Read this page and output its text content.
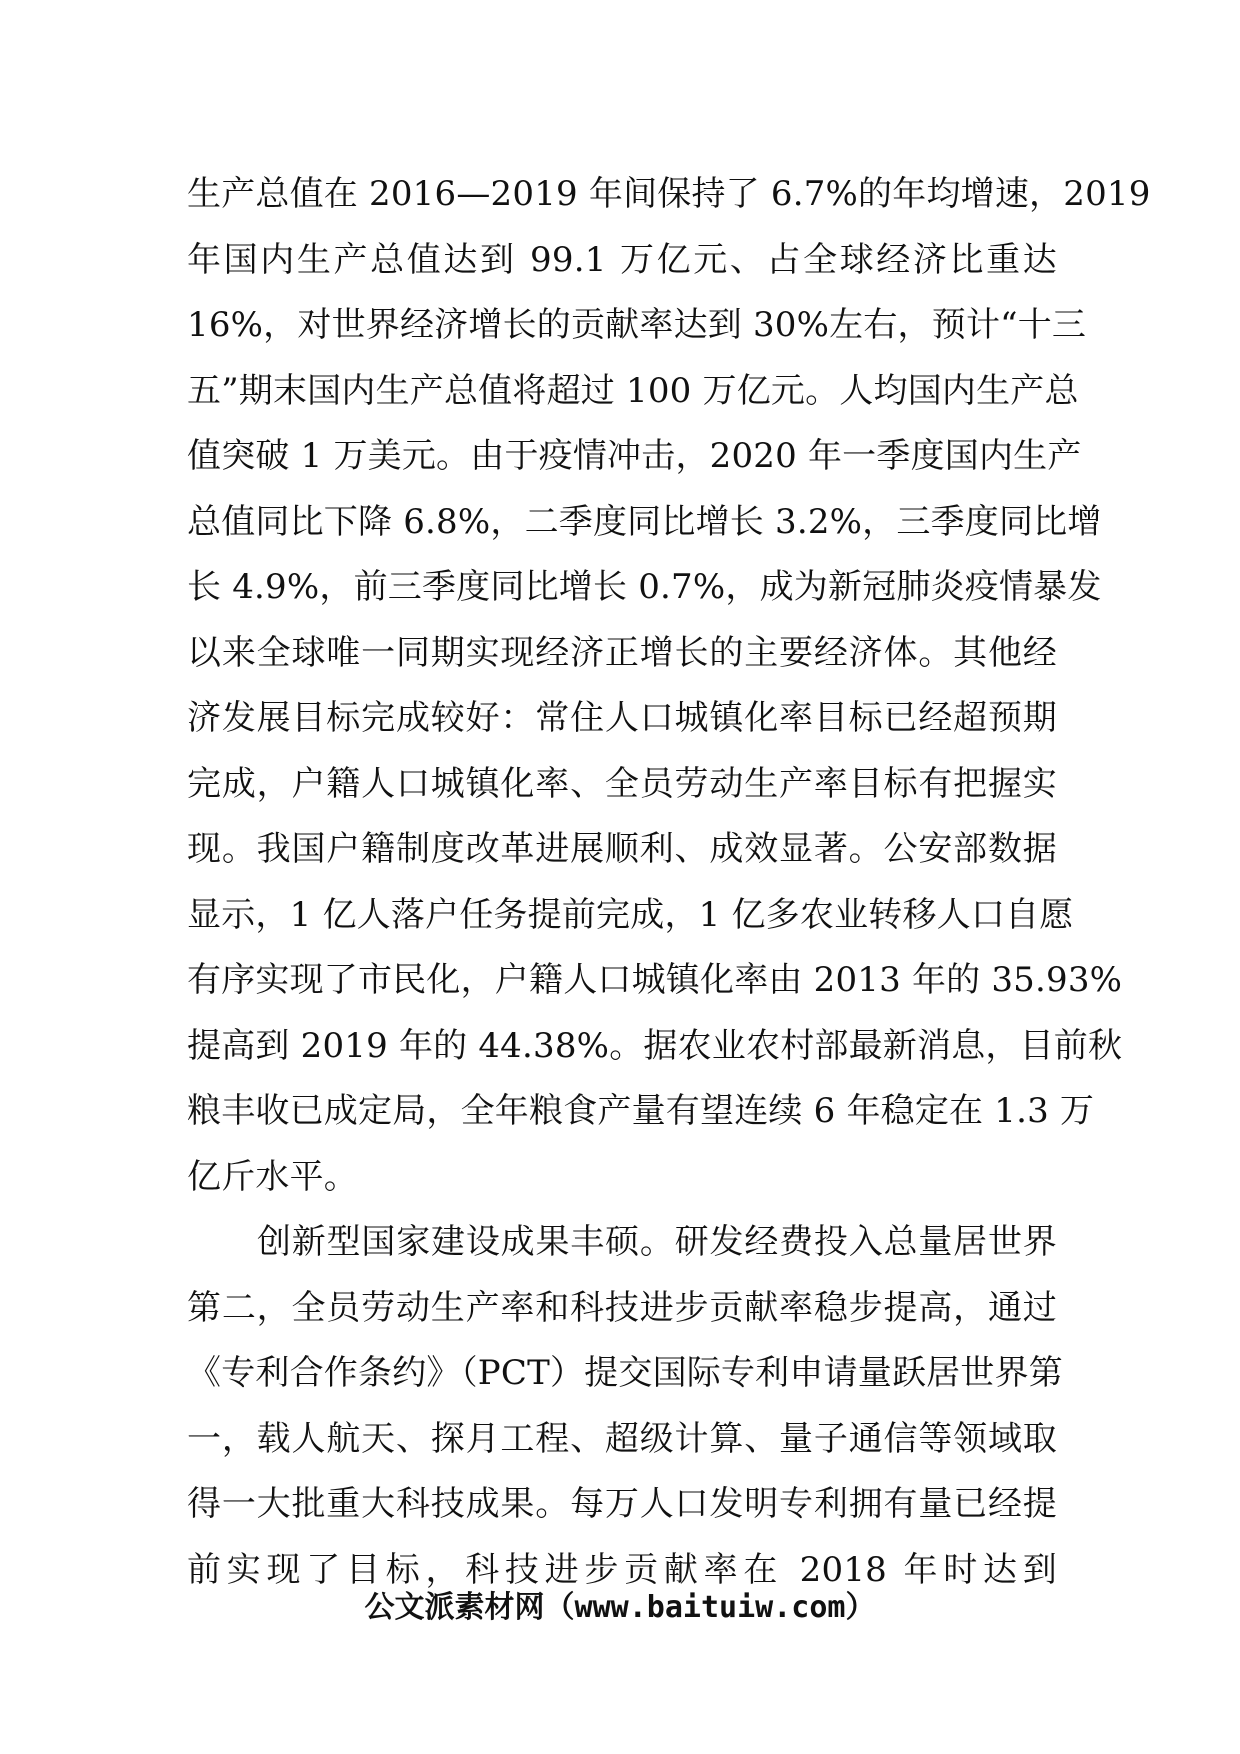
生产总值在 2016—2019 年间保持了 6.7%的年均增速，2019
年国内生产总值达到 99.1 万亿元、占全球经济比重达
16%，对世界经济增长的贡献率达到 30%左右，预计“十三
五”期末国内生产总值将超过 100 万亿元。人均国内生产总
值突破 1 万美元。由于疫情冲击，2020 年一季度国内生产
总值同比下降 6.8%，二季度同比增长 3.2%，三季度同比增
长 4.9%，前三季度同比增长 0.7%，成为新冠肺炎疫情暴发
以来全球唯一同期实现经济正增长的主要经济体。其他经
济发展目标完成较好：常住人口城镇化率目标已经超预期
完成，户籍人口城镇化率、全员劳动生产率目标有把握实
现。我国户籍制度改革进展顺利、成效显著。公安部数据
显示，1 亿人落户任务提前完成，1 亿多农业转移人口自愿
有序实现了市民化，户籍人口城镇化率由 2013 年的 35.93%
提高到 2019 年的 44.38%。据农业农村部最新消息，目前秋
粮丰收已成定局，全年粮食产量有望连续 6 年稳定在 1.3 万
亿斤水平。
创新型国家建设成果丰硕。研发经费投入总量居世界
第二，全员劳动生产率和科技进步贡献率稳步提高，通过
《专利合作条约》（PCT）提交国际专利申请量跃居世界第
一，载人航天、探月工程、超级计算、量子通信等领域取
得一大批重大科技成果。每万人口发明专利拥有量已经提
前实现了目标，科技进步贡献率在 2018 年时达到
公文派素材网（www.baituiw.com）
